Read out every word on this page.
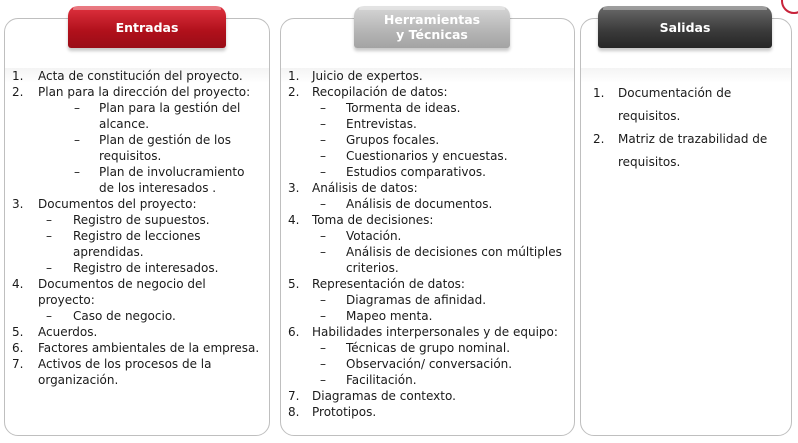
Entradas	Herramientas
y Técnicas	Salidas
1. Acta de constitución del proyecto.
2. Plan para la dirección del proyecto:
– Plan para la gestión del alcance.
– Plan de gestión de los requisitos.
– Plan de involucramiento de los interesados .
3. Documentos del proyecto:
– Registro de supuestos.
– Registro de lecciones aprendidas.
– Registro de interesados.
4. Documentos de negocio del proyecto:
– Caso de negocio.
5. Acuerdos.
6. Factores ambientales de la empresa.
7. Activos de los procesos de la organización.
1. Juicio de expertos.
2. Recopilación de datos:
– Tormenta de ideas.
– Entrevistas.
– Grupos focales.
– Cuestionarios y encuestas.
– Estudios comparativos.
3. Análisis de datos:
– Análisis de documentos.
4. Toma de decisiones:
– Votación.
– Análisis de decisiones con múltiples criterios.
5. Representación de datos:
– Diagramas de afinidad.
– Mapeo menta.
6. Habilidades interpersonales y de equipo:
– Técnicas de grupo nominal.
– Observación/ conversación.
– Facilitación.
7. Diagramas de contexto.
8. Prototipos.
1. Documentación de requisitos.
2. Matriz de trazabilidad de requisitos.
